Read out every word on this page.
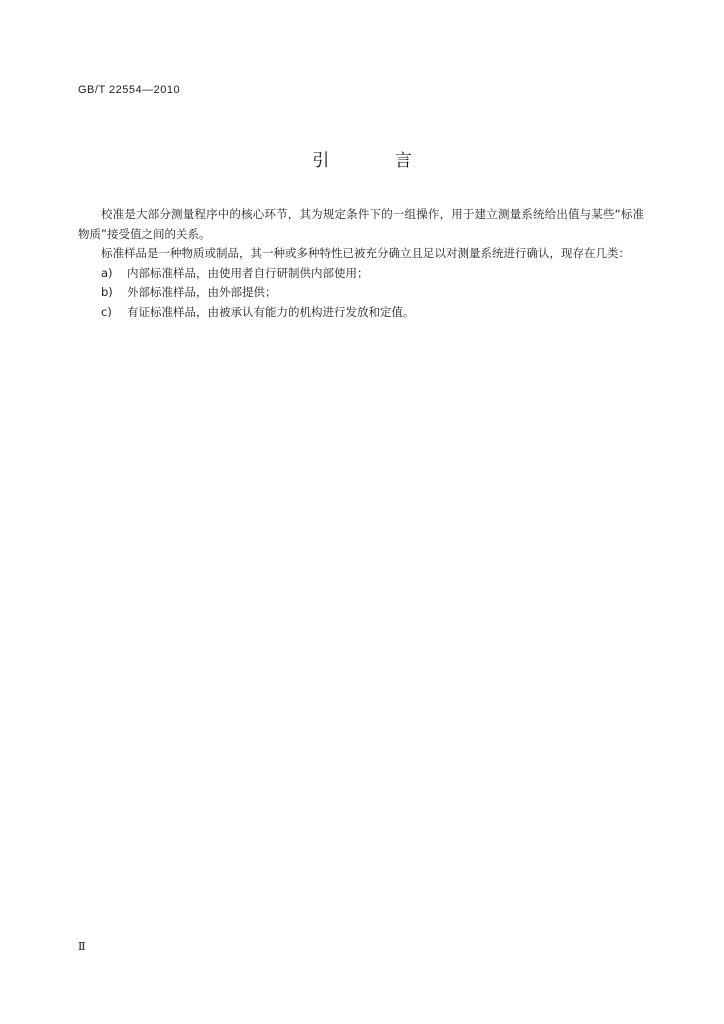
GB/T 22554—2010
引 言

校准是大部分测量程序中的核心环节，其为规定条件下的一组操作，用于建立测量系统给出值与某些“标准物质”接受值之间的关系。

标准样品是一种物质或制品，其一种或多种特性已被充分确立且足以对测量系统进行确认，现存在几类：

a)	内部标准样品，由使用者自行研制供内部使用；
b)	外部标准样品，由外部提供；
c)	有证标准样品，由被承认有能力的机构进行发放和定值。
Ⅱ
